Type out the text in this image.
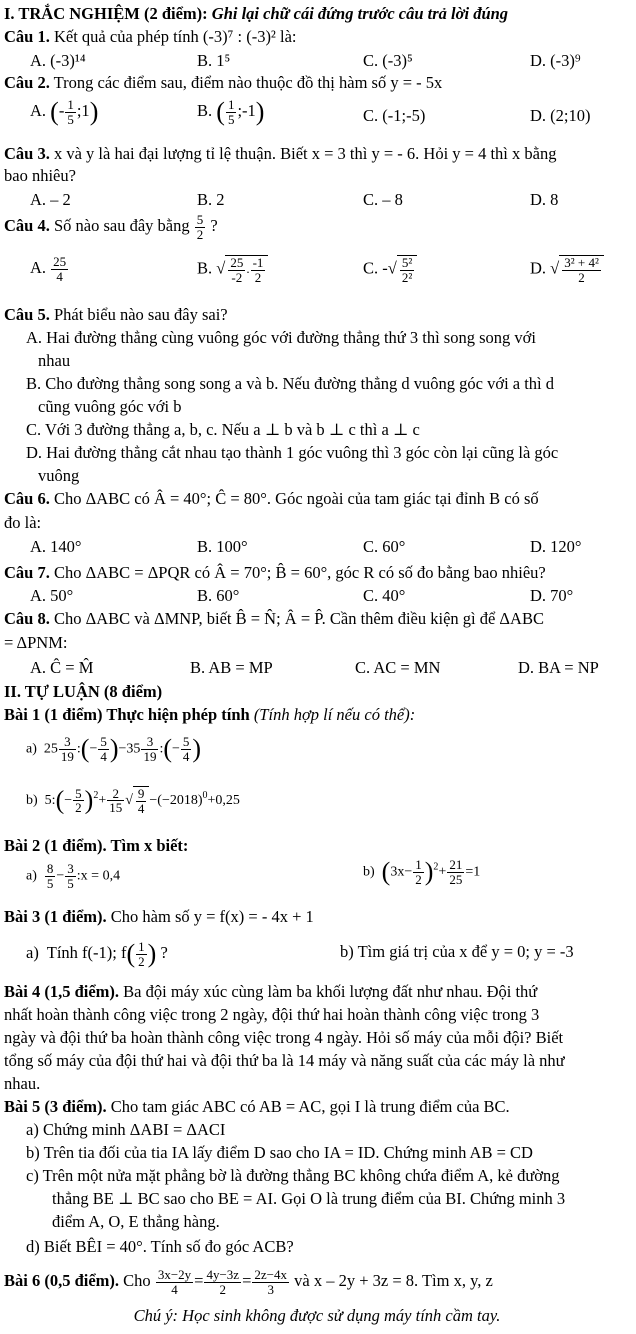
I. TRẮC NGHIỆM (2 điểm): Ghi lại chữ cái đứng trước câu trả lời đúng
Câu 1. Kết quả của phép tính (-3)⁷ : (-3)² là:
A. (-3)¹⁴	B. 1⁵	C. (-3)⁵	D. (-3)⁹
Câu 2. Trong các điểm sau, điểm nào thuộc đồ thị hàm số y = - 5x
A. (- $\frac{1}{5}$ ;1)	B. ( $\frac{1}{5}$ ;-1)	C. (-1;-5)	D. (2;10)
Câu 3. x và y là hai đại lượng tỉ lệ thuận. Biết x = 3 thì y = - 6. Hỏi y = 4 thì x bằng
bao nhiêu?
A. – 2	B. 2	C. – 8	D. 8
Câu 4. Số nào sau đây bằng $\frac{5}{2}$ ?
A. $\frac{25}{4}$	B. √ $\frac{25}{-2}$ . $\frac{-1}{2}$	C. -√ $\frac{\text{5²}}{\text{2²}}$	D. √ $\frac{\text{3² + 4²}}{2}$
Câu 5. Phát biểu nào sau đây sai?
A. Hai đường thẳng cùng vuông góc với đường thẳng thứ 3 thì song song với
nhau
B. Cho đường thẳng song song a và b. Nếu đường thẳng d vuông góc với a thì d
cũng vuông góc với b
C. Với 3 đường thẳng a, b, c. Nếu a ⊥ b và b ⊥ c thì a ⊥ c
D. Hai đường thẳng cắt nhau tạo thành 1 góc vuông thì 3 góc còn lại cũng là góc
vuông
Câu 6. Cho ΔABC có Â = 40°; Ĉ = 80°. Góc ngoài của tam giác tại đỉnh B có số
đo là:
A. 140°	B. 100°	C. 60°	D. 120°
Câu 7. Cho ΔABC = ΔPQR có Â = 70°; B̂ = 60°, góc R có số đo bằng bao nhiêu?
A. 50°	B. 60°	C. 40°	D. 70°
Câu 8. Cho ΔABC và ΔMNP, biết B̂ = N̂; Â = P̂. Cần thêm điều kiện gì để ΔABC
= ΔPNM:
A. Ĉ = M̂	B. AB = MP	C. AC = MN	D. BA = NP
II. TỰ LUẬN (8 điểm)
Bài 1 (1 điểm) Thực hiện phép tính (Tính hợp lí nếu có thể):
a)  $25 \frac{3}{19}$ :(− $\frac{5}{4} )-35 \frac{3}{19}$ :(− $\frac{5}{4}$ )
b)  5:(− $\frac{5}{2} )^2+ \frac{2}{15}$ √ $\frac{9}{4} -(-2018)^0+0,25$
Bài 2 (1 điểm). Tìm x biết:
$a) \frac{8}{5} - \frac{3}{5}$ :x = 0,4	b) $(3x- \frac{1}{2} )^2+ \frac{21}{25} =1$
Bài 3 (1 điểm). Cho hàm số y = f(x) = - 4x + 1
a)  Tính f(-1); $f( \frac{1}{2}$ ) ?	b) Tìm giá trị của x để y = 0; y = -3
Bài 4 (1,5 điểm). Ba đội máy xúc cùng làm ba khối lượng đất như nhau. Đội thứ
nhất hoàn thành công việc trong 2 ngày, đội thứ hai hoàn thành công việc trong 3
ngày và đội thứ ba hoàn thành công việc trong 4 ngày. Hỏi số máy của mỗi đội? Biết
tổng số máy của đội thứ hai và đội thứ ba là 14 máy và năng suất của các máy là như
nhau.
Bài 5 (3 điểm). Cho tam giác ABC có AB = AC, gọi I là trung điểm của BC.
a) Chứng minh ΔABI = ΔACI
b) Trên tia đối của tia IA lấy điểm D sao cho IA = ID. Chứng minh AB = CD
c) Trên một nửa mặt phẳng bờ là đường thẳng BC không chứa điểm A, kẻ đường
thẳng BE ⊥ BC sao cho BE = AI. Gọi O là trung điểm của BI. Chứng minh 3
điểm A, O, E thẳng hàng.
d) Biết BÊI = 40°. Tính số đo góc ACB?
Bài 6 (0,5 điểm). Cho $\frac{3x-2y}{4} = \frac{4y-3z}{2} = \frac{2z-4x}{3}$ và x – 2y + 3z = 8. Tìm x, y, z
Chú ý: Học sinh không được sử dụng máy tính cầm tay.
